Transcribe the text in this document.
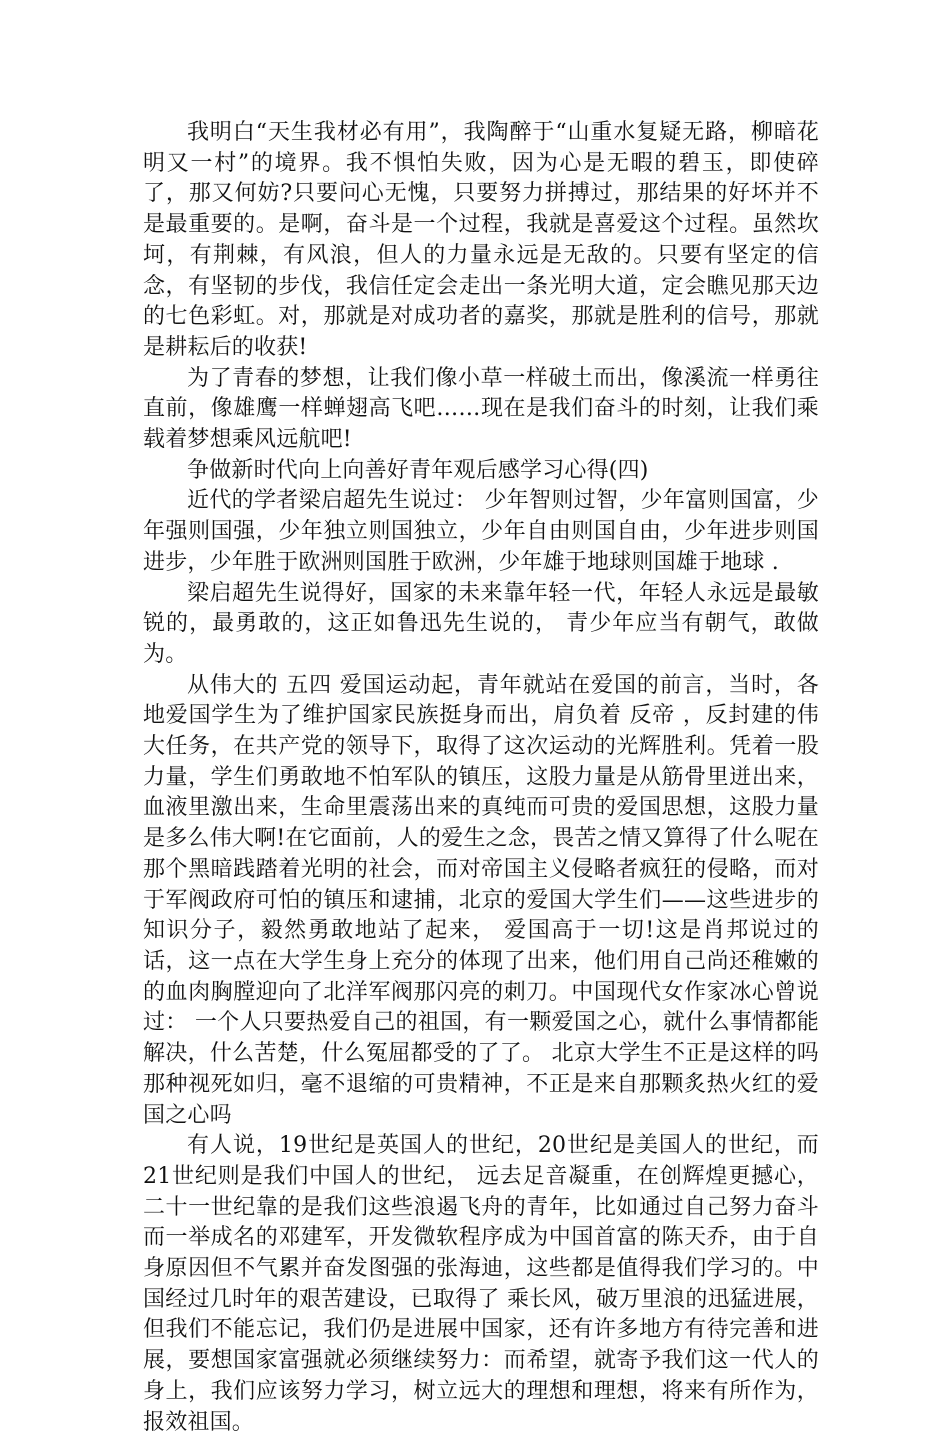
我明白“天生我材必有用”，我陶醉于“山重水复疑无路，柳暗花明又一村”的境界。我不惧怕失败，因为心是无暇的碧玉，即使碎了，那又何妨?只要问心无愧，只要努力拼搏过，那结果的好坏并不是最重要的。是啊，奋斗是一个过程，我就是喜爱这个过程。虽然坎坷，有荆棘，有风浪，但人的力量永远是无敌的。只要有坚定的信念，有坚韧的步伐，我信任定会走出一条光明大道，定会瞧见那天边的七色彩虹。对，那就是对成功者的嘉奖，那就是胜利的信号，那就是耕耘后的收获!

为了青春的梦想，让我们像小草一样破土而出，像溪流一样勇往直前，像雄鹰一样蝉翅高飞吧……现在是我们奋斗的时刻，让我们乘载着梦想乘风远航吧!

争做新时代向上向善好青年观后感学习心得(四)

近代的学者梁启超先生说过： 少年智则过智，少年富则国富，少年强则国强，少年独立则国独立，少年自由则国自由，少年进步则国进步，少年胜于欧洲则国胜于欧洲，少年雄于地球则国雄于地球 .

梁启超先生说得好，国家的未来靠年轻一代，年轻人永远是最敏锐的，最勇敢的，这正如鲁迅先生说的， 青少年应当有朝气，敢做为。

从伟大的 五四 爱国运动起，青年就站在爱国的前言，当时，各地爱国学生为了维护国家民族挺身而出，肩负着 反帝 ，反封建的伟大任务，在共产党的领导下，取得了这次运动的光辉胜利。凭着一股力量，学生们勇敢地不怕军队的镇压，这股力量是从筋骨里迸出来，血液里激出来，生命里震荡出来的真纯而可贵的爱国思想，这股力量是多么伟大啊!在它面前，人的爱生之念，畏苦之情又算得了什么呢在那个黑暗践踏着光明的社会，而对帝国主义侵略者疯狂的侵略，而对于军阀政府可怕的镇压和逮捕，北京的爱国大学生们——这些进步的知识分子，毅然勇敢地站了起来， 爱国高于一切!这是肖邦说过的话，这一点在大学生身上充分的体现了出来，他们用自己尚还稚嫩的的血肉胸膛迎向了北洋军阀那闪亮的刺刀。中国现代女作家冰心曾说过： 一个人只要热爱自己的祖国，有一颗爱国之心，就什么事情都能解决，什么苦楚，什么冤屈都受的了了。 北京大学生不正是这样的吗那种视死如归，毫不退缩的可贵精神，不正是来自那颗炙热火红的爱国之心吗

有人说，19世纪是英国人的世纪，20世纪是美国人的世纪，而21世纪则是我们中国人的世纪， 远去足音凝重，在创辉煌更撼心，二十一世纪靠的是我们这些浪遏飞舟的青年，比如通过自己努力奋斗而一举成名的邓建军，开发微软程序成为中国首富的陈天乔，由于自身原因但不气累并奋发图强的张海迪，这些都是值得我们学习的。中国经过几时年的艰苦建设，已取得了 乘长风，破万里浪的迅猛进展，但我们不能忘记，我们仍是进展中国家，还有许多地方有待完善和进展，要想国家富强就必须继续努力：而希望，就寄予我们这一代人的身上，我们应该努力学习，树立远大的理想和理想，将来有所作为，报效祖国。
